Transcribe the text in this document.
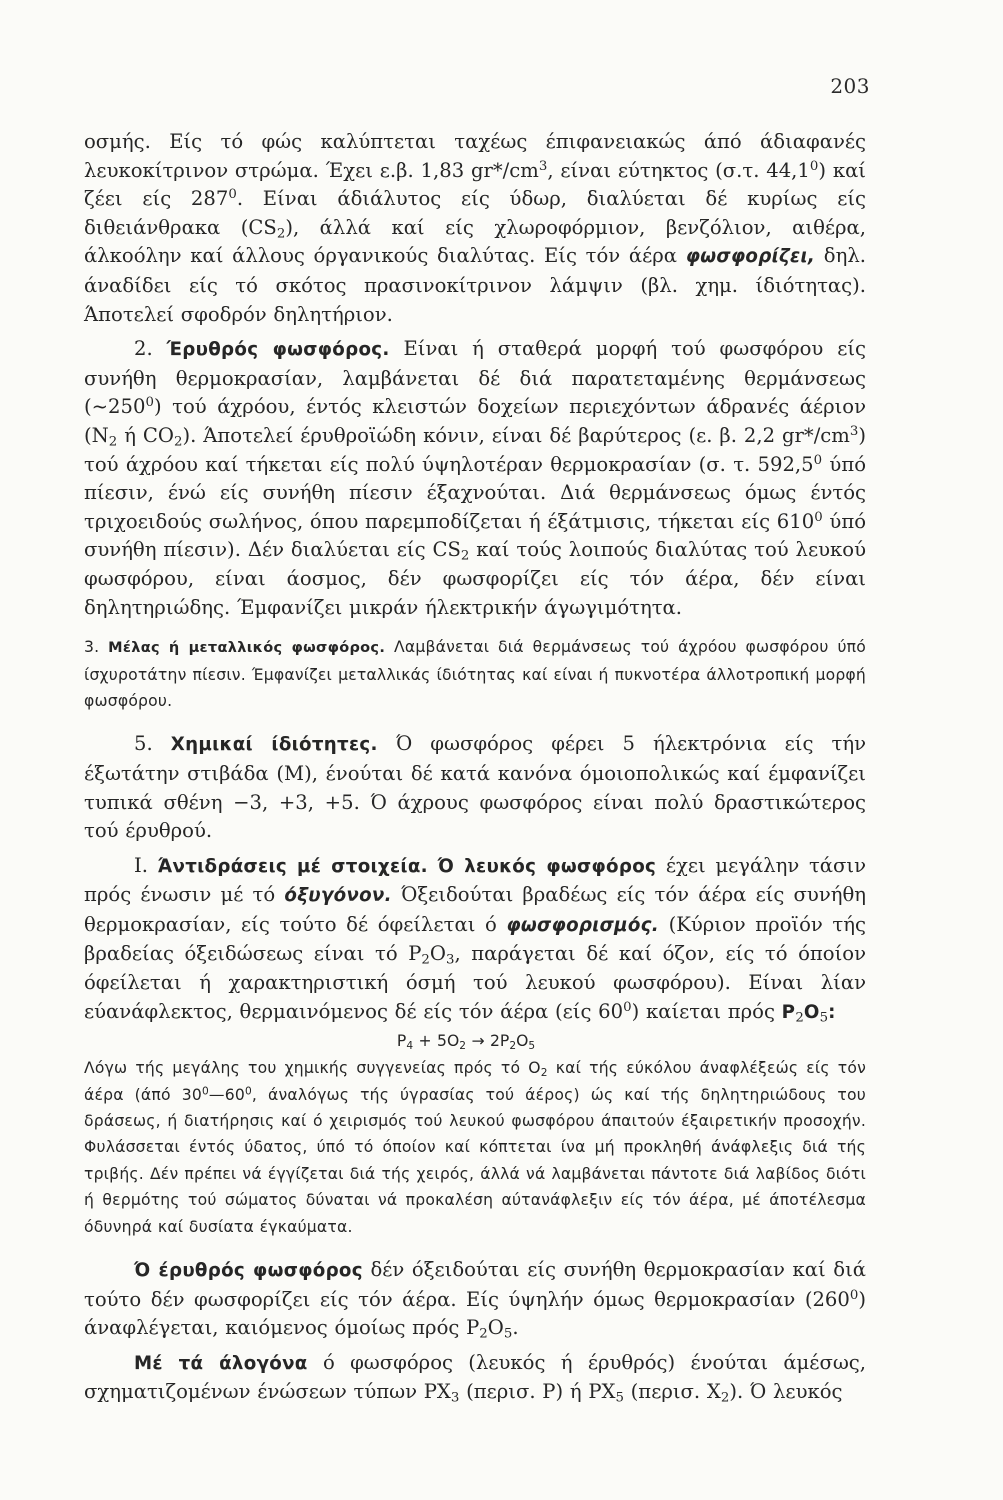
203

οσμής. Είς τό φώς καλύπτεται ταχέως έπιφανειακώς άπό άδιαφανές λευκοκίτρινον στρώμα. Έχει ε.β. 1,83 $gr*/cm^3$, είναι εύτηκτος (σ.τ. 44,1$^0$) καί ζέει είς $287^0$. Είναι άδιάλυτος είς ύδωρ, διαλύεται δέ κυρίως είς διθειάνθρακα (CS2), άλλά καί είς χλωροφόρμιον, βενζόλιον, αιθέρα, άλκοόλην καί άλλους όργανικούς διαλύτας. Είς τόν άέρα φωσφορίζει, δηλ. άναδίδει είς τό σκότος πρασινοκίτρινον λάμψιν (βλ. χημ. ίδιότητας). Άποτελεί σφοδρόν δηλητήριον.

2. Έρυθρός φωσφόρος. Είναι ή σταθερά μορφή τού φωσφόρου είς συνήθη θερμοκρασίαν, λαμβάνεται δέ διά παρατεταμένης θερμάνσεως $(\sim 250^0)$ τού άχρόου, έντός κλειστών δοχείων περιεχόντων άδρανές άέριον (N2 ή CO2). Άποτελεί έρυθροϊώδη κόνιν, είναι δέ βαρύτερος (ε. β. 2,2 $gr*/cm^3$) τού άχρόου καί τήκεται είς πολύ ύψηλοτέραν θερμοκρασίαν (σ. τ. 592,5$^0$ ύπό πίεσιν, ένώ είς συνήθη πίεσιν έξαχνούται. Διά θερμάνσεως όμως έντός τριχοειδούς σωλήνος, όπου παρεμποδίζεται ή έξάτμισις, τήκεται είς $610^0$ ύπό συνήθη πίεσιν). Δέν διαλύεται είς CS2 καί τούς λοιπούς διαλύτας τού λευκού φωσφόρου, είναι άοσμος, δέν φωσφορίζει είς τόν άέρα, δέν είναι δηλητηριώδης. Έμφανίζει μικράν ήλεκτρικήν άγωγιμότητα.

3. Μέλας ή μεταλλικός φωσφόρος. Λαμβάνεται διά θερμάνσεως τού άχρόου φωσφόρου ύπό ίσχυροτάτην πίεσιν. Έμφανίζει μεταλλικάς ίδιότητας καί είναι ή πυκνοτέρα άλλοτροπική μορφή φωσφόρου.

5. Χημικαί ίδιότητες. Ό φωσφόρος φέρει 5 ήλεκτρόνια είς τήν έξωτάτην στιβάδα (M), ένούται δέ κατά κανόνα όμοιοπολικώς καί έμφανίζει τυπικά σθένη −3, +3, +5. Ό άχρους φωσφόρος είναι πολύ δραστικώτερος τού έρυθρού.

I. Άντιδράσεις μέ στοιχεία. Ό λευκός φωσφόρος έχει μεγάλην τάσιν πρός ένωσιν μέ τό όξυγόνον. Όξειδούται βραδέως είς τόν άέρα είς συνήθη θερμοκρασίαν, είς τούτο δέ όφείλεται ό φωσφορισμός. (Κύριον προϊόν τής βραδείας όξειδώσεως είναι τό P2O3, παράγεται δέ καί όζον, είς τό όποίον όφείλεται ή χαρακτηριστική όσμή τού λευκού φωσφόρου). Είναι λίαν εύανάφλεκτος, θερμαινόμενος δέ είς τόν άέρα (είς $60^0$) καίεται πρός P2O5:

P4 + 5O2 → 2P2O5

Λόγω τής μεγάλης του χημικής συγγενείας πρός τό O2 καί τής εύκόλου άναφλέξεώς είς τόν άέρα (άπό $30^0—60^0$, άναλόγως τής ύγρασίας τού άέρος) ώς καί τής δηλητηριώδους του δράσεως, ή διατήρησις καί ό χειρισμός τού λευκού φωσφόρου άπαιτούν έξαιρετικήν προσοχήν. Φυλάσσεται έντός ύδατος, ύπό τό όποίον καί κόπτεται ίνα μή προκληθή άνάφλεξις διά τής τριβής. Δέν πρέπει νά έγγίζεται διά τής χειρός, άλλά νά λαμβάνεται πάντοτε διά λαβίδος διότι ή θερμότης τού σώματος δύναται νά προκαλέση αύτανάφλεξιν είς τόν άέρα, μέ άποτέλεσμα όδυνηρά καί δυσίατα έγκαύματα.

Ό έρυθρός φωσφόρος δέν όξειδούται είς συνήθη θερμοκρασίαν καί διά τούτο δέν φωσφορίζει είς τόν άέρα. Είς ύψηλήν όμως θερμοκρασίαν $(260^0)$ άναφλέγεται, καιόμενος όμοίως πρός P2O5.

Μέ τά άλογόνα ό φωσφόρος (λευκός ή έρυθρός) ένούται άμέσως, σχηματιζομένων ένώσεων τύπων PX3 (περισ. P) ή PX5 (περισ. X2). Ό λευκός
